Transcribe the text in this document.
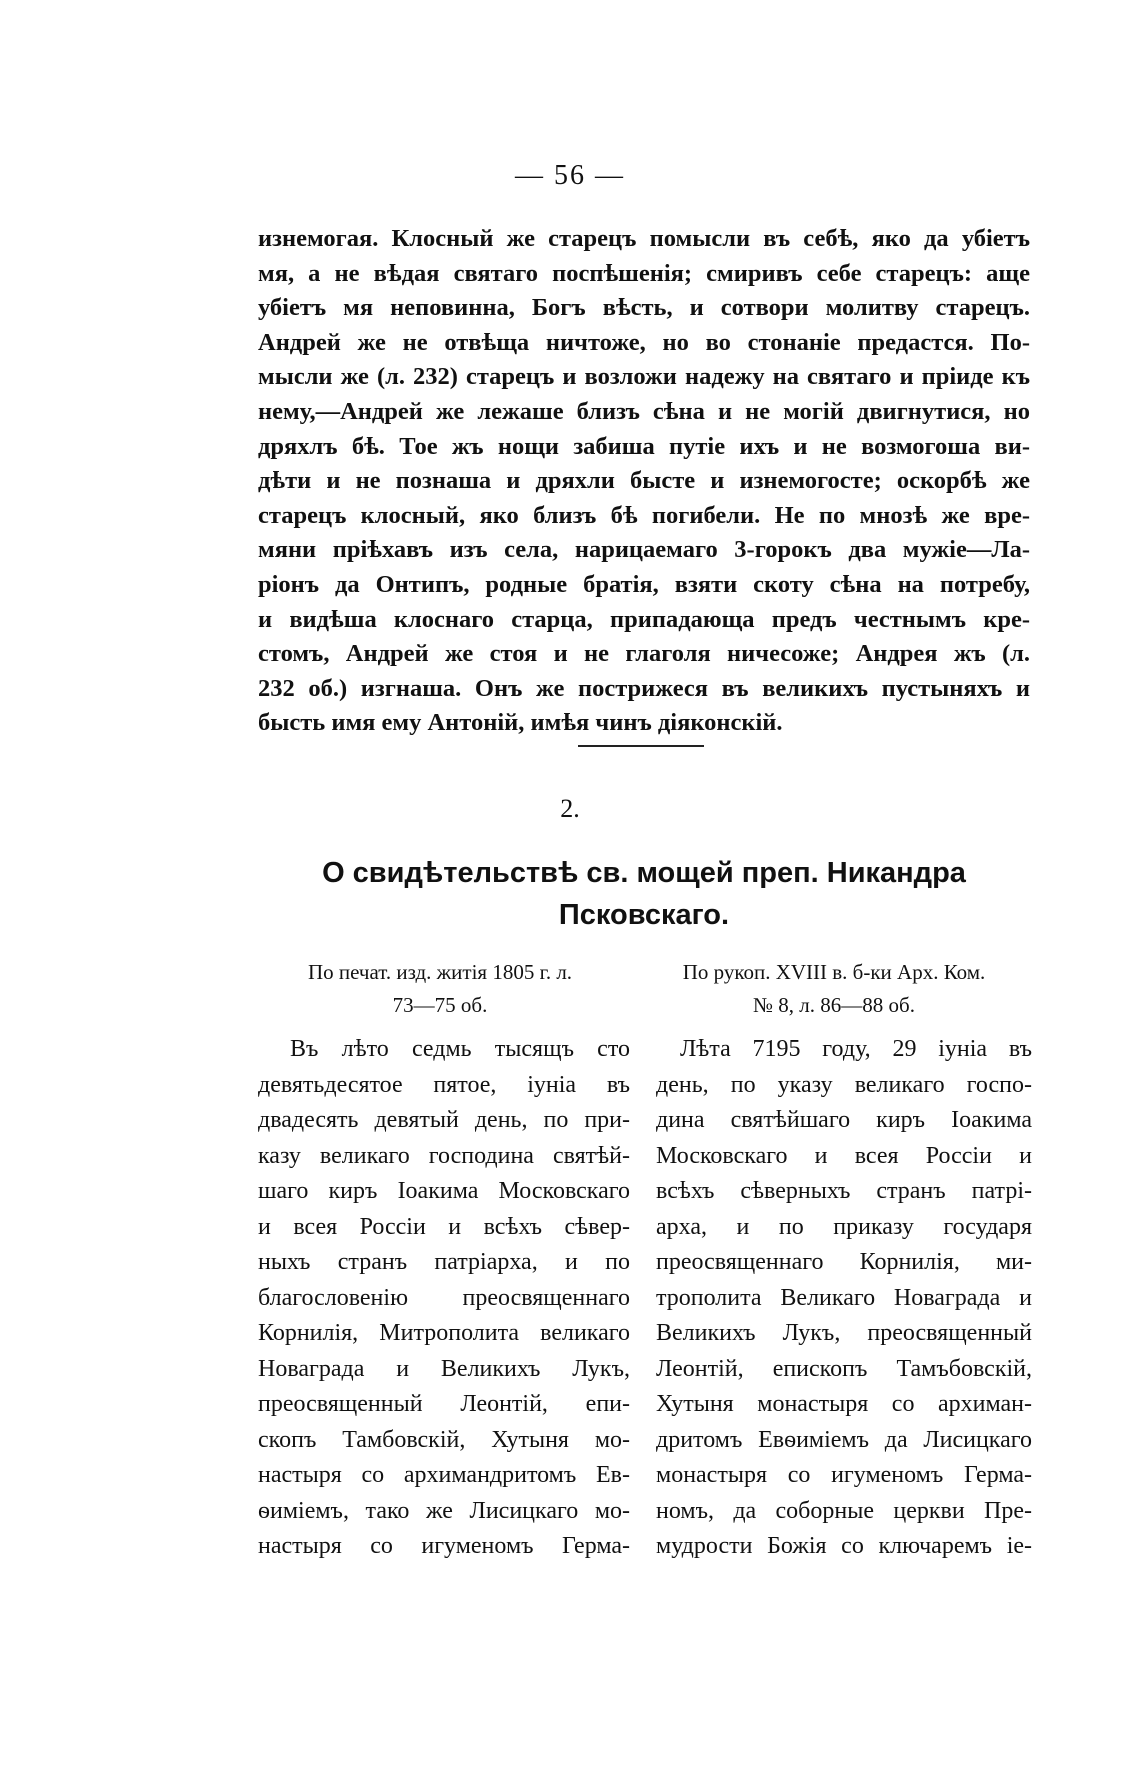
— 56 —
изнемогая. Клосный же старецъ помысли въ себѣ, яко да убіетъ
мя, а не вѣдая святаго поспѣшенія; смиривъ себе старецъ: аще
убіетъ мя неповинна, Богъ вѣсть, и сотвори молитву старецъ.
Андрей же не отвѣща ничтоже, но во стонаніе предастся. По-
мысли же (л. 232) старецъ и возложи надежу на святаго и пріиде къ
нему,—Андрей же лежаше близъ сѣна и не могій двигнутися, но
дряхлъ бѣ. Тое жъ нощи забиша путіе ихъ и не возмогоша ви-
дѣти и не познаша и дряхли бысте и изнемогосте; оскорбѣ же
старецъ клосный, яко близъ бѣ погибели. Не по мнозѣ же вре-
мяни пріѣхавъ изъ села, нарицаемаго 3-горокъ два мужіе—Ла-
ріонъ да Онтипъ, родные братія, взяти скоту сѣна на потребу,
и видѣша клоснаго старца, припадающа предъ честнымъ кре-
стомъ, Андрей же стоя и не глаголя ничесоже; Андрея жъ (л.
232 об.) изгнаша. Онъ же пострижеся въ великихъ пустыняхъ и
бысть имя ему Антоній, имѣя чинъ діяконскій.
2.
О свидѣтельствѣ св. мощей преп. Никандра
Псковскаго.
По печат. изд. житія 1805 г. л.
73—75 об.
По рукоп. XVIII в. б-ки Арх. Ком.
№ 8, л. 86—88 об.
Въ лѣто седмь тысящъ сто
девятьдесятое пятое, іуніа въ
двадесять девятый день, по при-
казу великаго господина святѣй-
шаго киръ Іоакима Московскаго
и всея Россіи и всѣхъ сѣвер-
ныхъ странъ патріарха, и по
благословенію преосвященнаго
Корнилія, Митрополита великаго
Новаграда и Великихъ Лукъ,
преосвященный Леонтій, епи-
скопъ Тамбовскій, Хутыня мо-
настыря со архимандритомъ Ев-
ѳиміемъ, тако же Лисицкаго мо-
настыря со игуменомъ Герма-
Лѣта 7195 году, 29 іуніа въ
день, по указу великаго госпо-
дина святѣйшаго киръ Іоакима
Московскаго и всея Россіи и
всѣхъ сѣверныхъ странъ патрі-
арха, и по приказу государя
преосвященнаго Корнилія, ми-
трополита Великаго Новаграда и
Великихъ Лукъ, преосвященный
Леонтій, епископъ Тамъбовскій,
Хутыня монастыря со архиман-
дритомъ Евѳиміемъ да Лисицкаго
монастыря со игуменомъ Герма-
номъ, да соборные церкви Пре-
мудрости Божія со ключаремъ іе-
